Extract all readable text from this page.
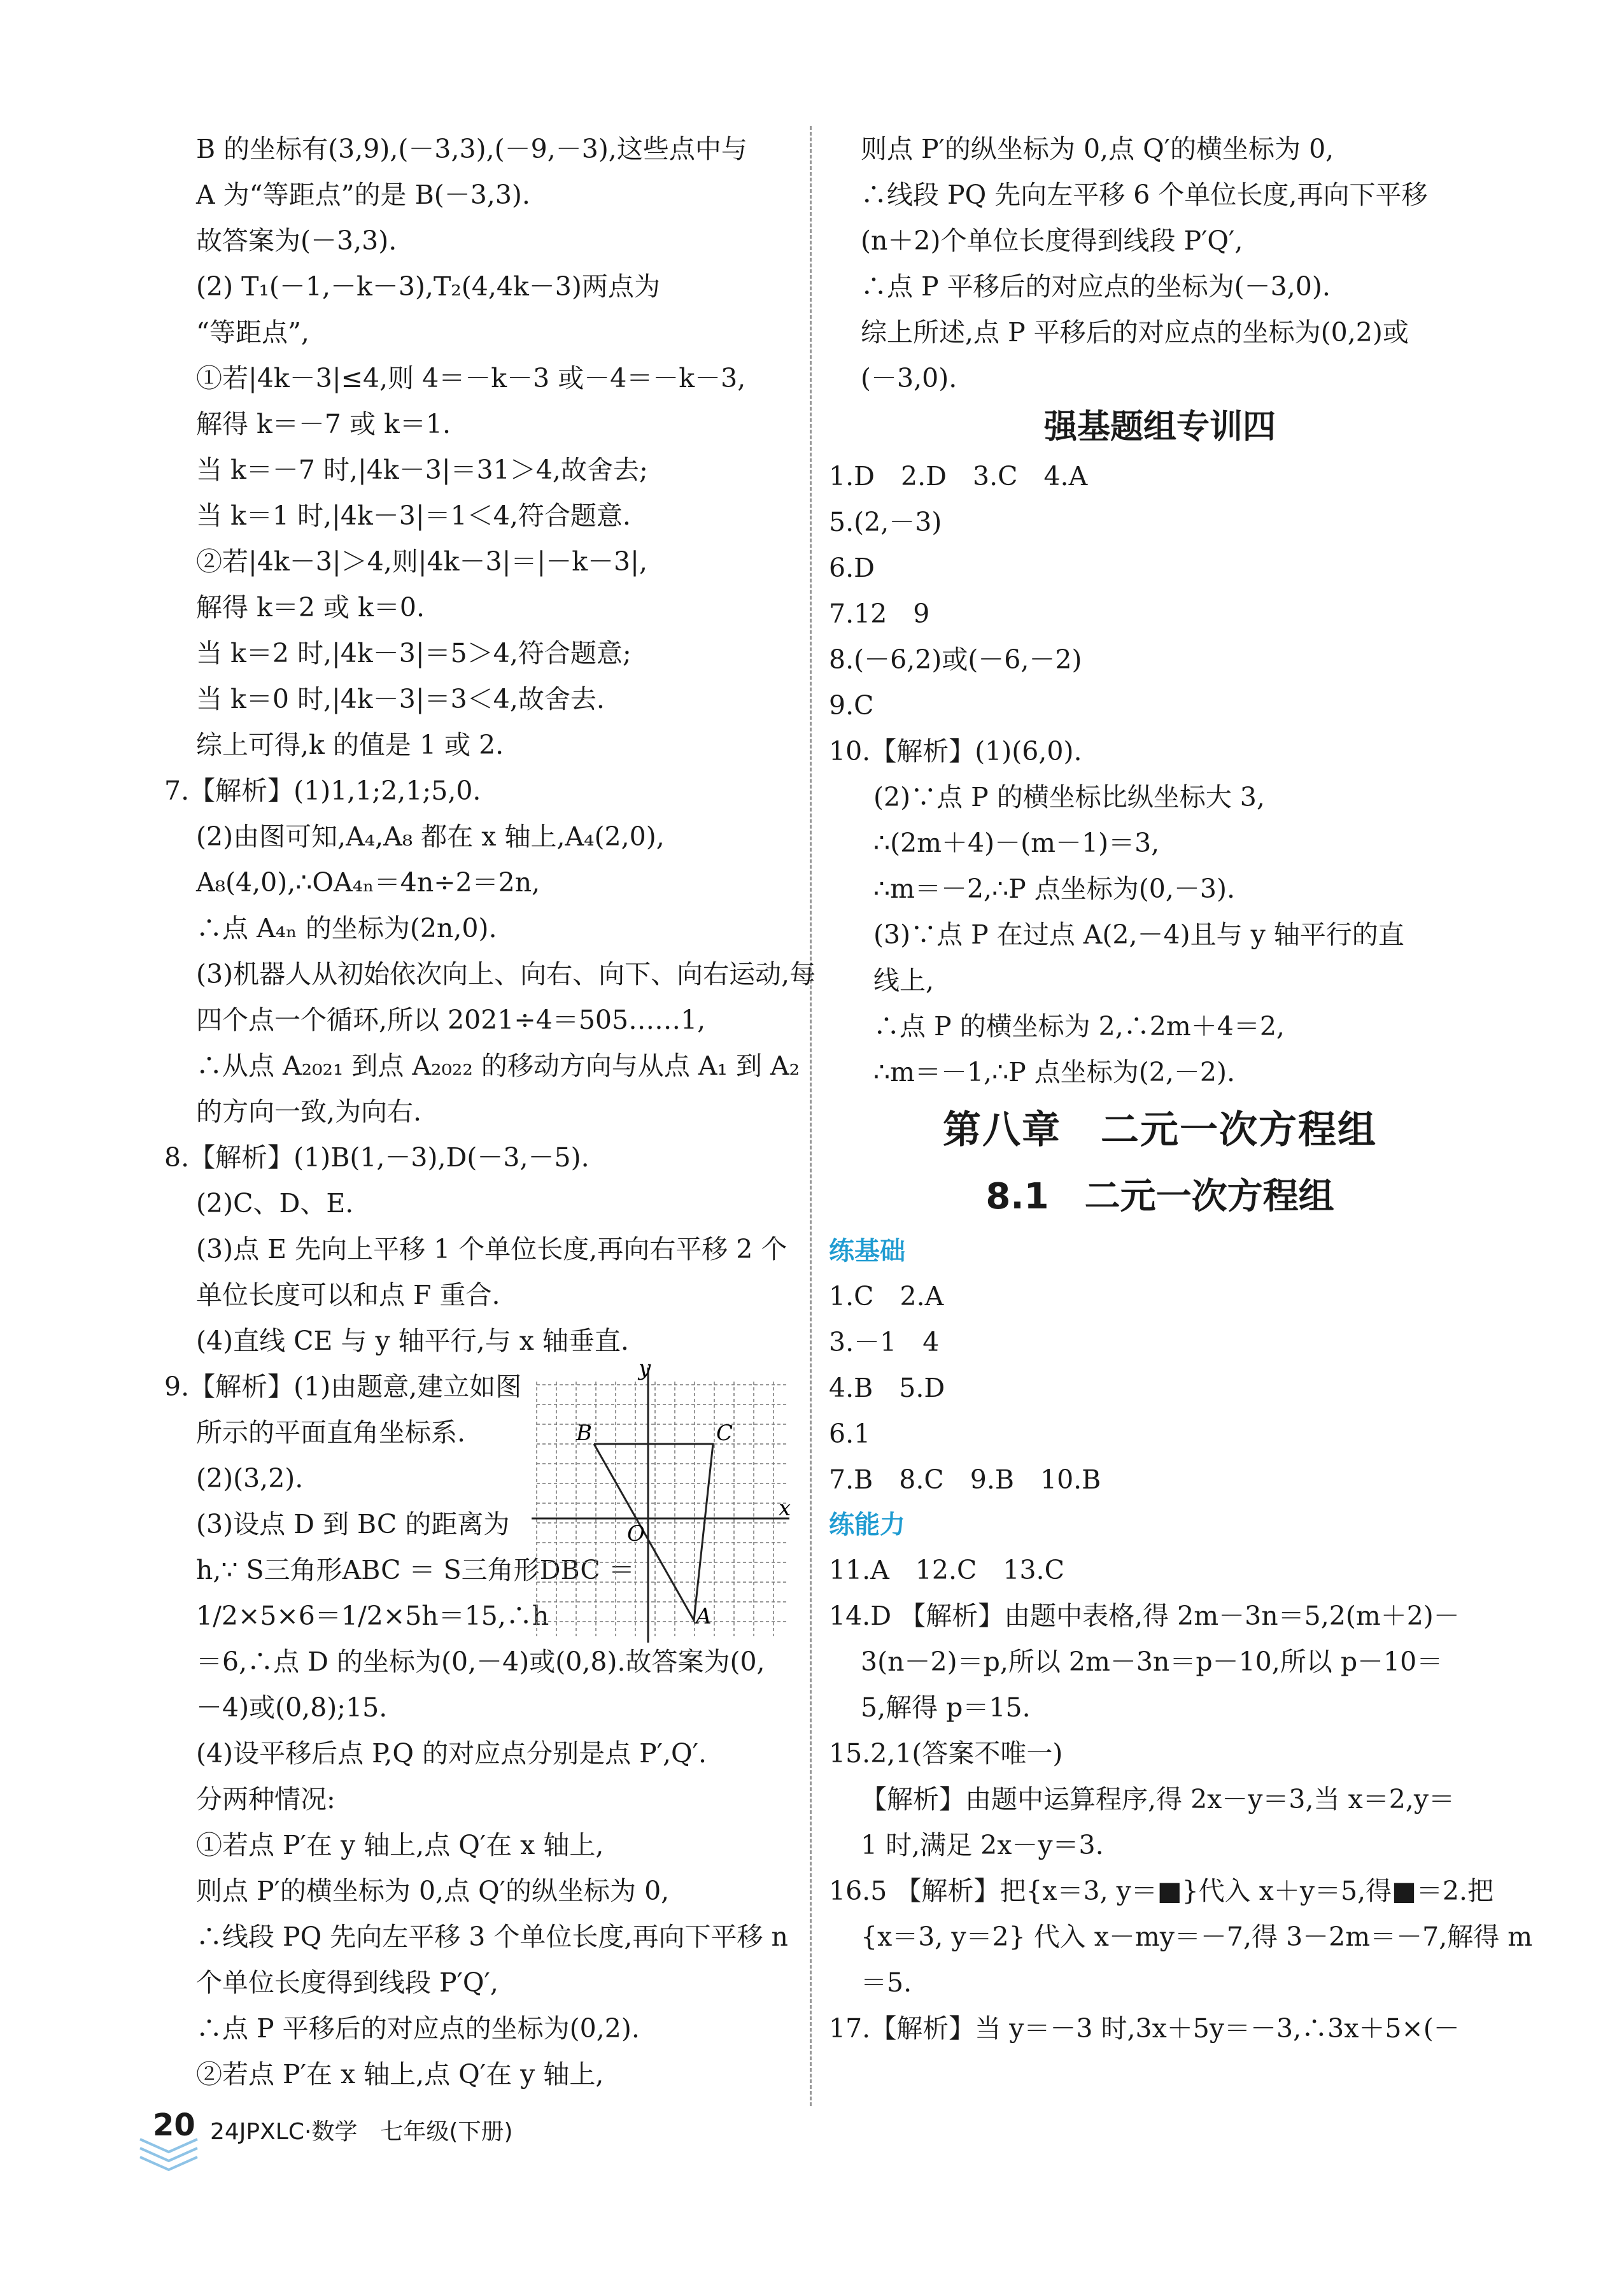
B 的坐标有(3,9),(－3,3),(－9,－3),这些点中与
A 为“等距点”的是 B(－3,3).
故答案为(－3,3).
(2) T₁(－1,－k－3),T₂(4,4k－3)两点为
“等距点”,
①若|4k－3|≤4,则 4＝－k－3 或－4＝－k－3,
解得 k＝－7 或 k＝1.
当 k＝－7 时,|4k－3|＝31＞4,故舍去;
当 k＝1 时,|4k－3|＝1＜4,符合题意.
②若|4k－3|＞4,则|4k－3|＝|－k－3|,
解得 k＝2 或 k＝0.
当 k＝2 时,|4k－3|＝5＞4,符合题意;
当 k＝0 时,|4k－3|＝3＜4,故舍去.
综上可得,k 的值是 1 或 2.
7.【解析】(1)1,1;2,1;5,0.
(2)由图可知,A₄,A₈ 都在 x 轴上,A₄(2,0),
A₈(4,0),∴OA₄ₙ＝4n÷2＝2n,
∴点 A₄ₙ 的坐标为(2n,0).
(3)机器人从初始依次向上、向右、向下、向右运动,每
四个点一个循环,所以 2021÷4＝505……1,
∴从点 A₂₀₂₁ 到点 A₂₀₂₂ 的移动方向与从点 A₁ 到 A₂
的方向一致,为向右.
8.【解析】(1)B(1,－3),D(－3,－5).
(2)C、D、E.
(3)点 E 先向上平移 1 个单位长度,再向右平移 2 个
单位长度可以和点 F 重合.
(4)直线 CE 与 y 轴平行,与 x 轴垂直.
9.【解析】(1)由题意,建立如图
所示的平面直角坐标系.
(2)(3,2).
(3)设点 D 到 BC 的距离为
h,∵ S三角形ABC ＝ S三角形DBC ＝
1/2×5×6＝1/2×5h＝15,∴h
＝6,∴点 D 的坐标为(0,－4)或(0,8).故答案为(0,
－4)或(0,8);15.
(4)设平移后点 P,Q 的对应点分别是点 P′,Q′.
分两种情况:
①若点 P′在 y 轴上,点 Q′在 x 轴上,
则点 P′的横坐标为 0,点 Q′的纵坐标为 0,
∴线段 PQ 先向左平移 3 个单位长度,再向下平移 n
个单位长度得到线段 P′Q′,
∴点 P 平移后的对应点的坐标为(0,2).
②若点 P′在 x 轴上,点 Q′在 y 轴上,
则点 P′的纵坐标为 0,点 Q′的横坐标为 0,
∴线段 PQ 先向左平移 6 个单位长度,再向下平移
(n＋2)个单位长度得到线段 P′Q′,
∴点 P 平移后的对应点的坐标为(－3,0).
综上所述,点 P 平移后的对应点的坐标为(0,2)或
(－3,0).
强基题组专训四
1.D　2.D　3.C　4.A
5.(2,－3)
6.D
7.12　9
8.(－6,2)或(－6,－2)
9.C
10.【解析】(1)(6,0).
(2)∵点 P 的横坐标比纵坐标大 3,
∴(2m＋4)－(m－1)＝3,
∴m＝－2,∴P 点坐标为(0,－3).
(3)∵点 P 在过点 A(2,－4)且与 y 轴平行的直
线上,
∴点 P 的横坐标为 2,∴2m＋4＝2,
∴m＝－1,∴P 点坐标为(2,－2).
第八章　二元一次方程组
8.1　二元一次方程组
练基础
1.C　2.A
3.－1　4
4.B　5.D
6.1
7.B　8.C　9.B　10.B
练能力
11.A　12.C　13.C
14.D 【解析】由题中表格,得 2m－3n＝5,2(m＋2)－
3(n－2)＝p,所以 2m－3n＝p－10,所以 p－10＝
5,解得 p＝15.
15.2,1(答案不唯一)
【解析】由题中运算程序,得 2x－y＝3,当 x＝2,y＝
1 时,满足 2x－y＝3.
16.5 【解析】把{x＝3, y＝■}代入 x＋y＝5,得■＝2.把
{x＝3, y＝2} 代入 x－my＝－7,得 3－2m＝－7,解得 m
＝5.
17.【解析】当 y＝－3 时,3x＋5y＝－3,∴3x＋5×(－
y
x
O
B	C
A
20 24JPXLC·数学　七年级(下册)
